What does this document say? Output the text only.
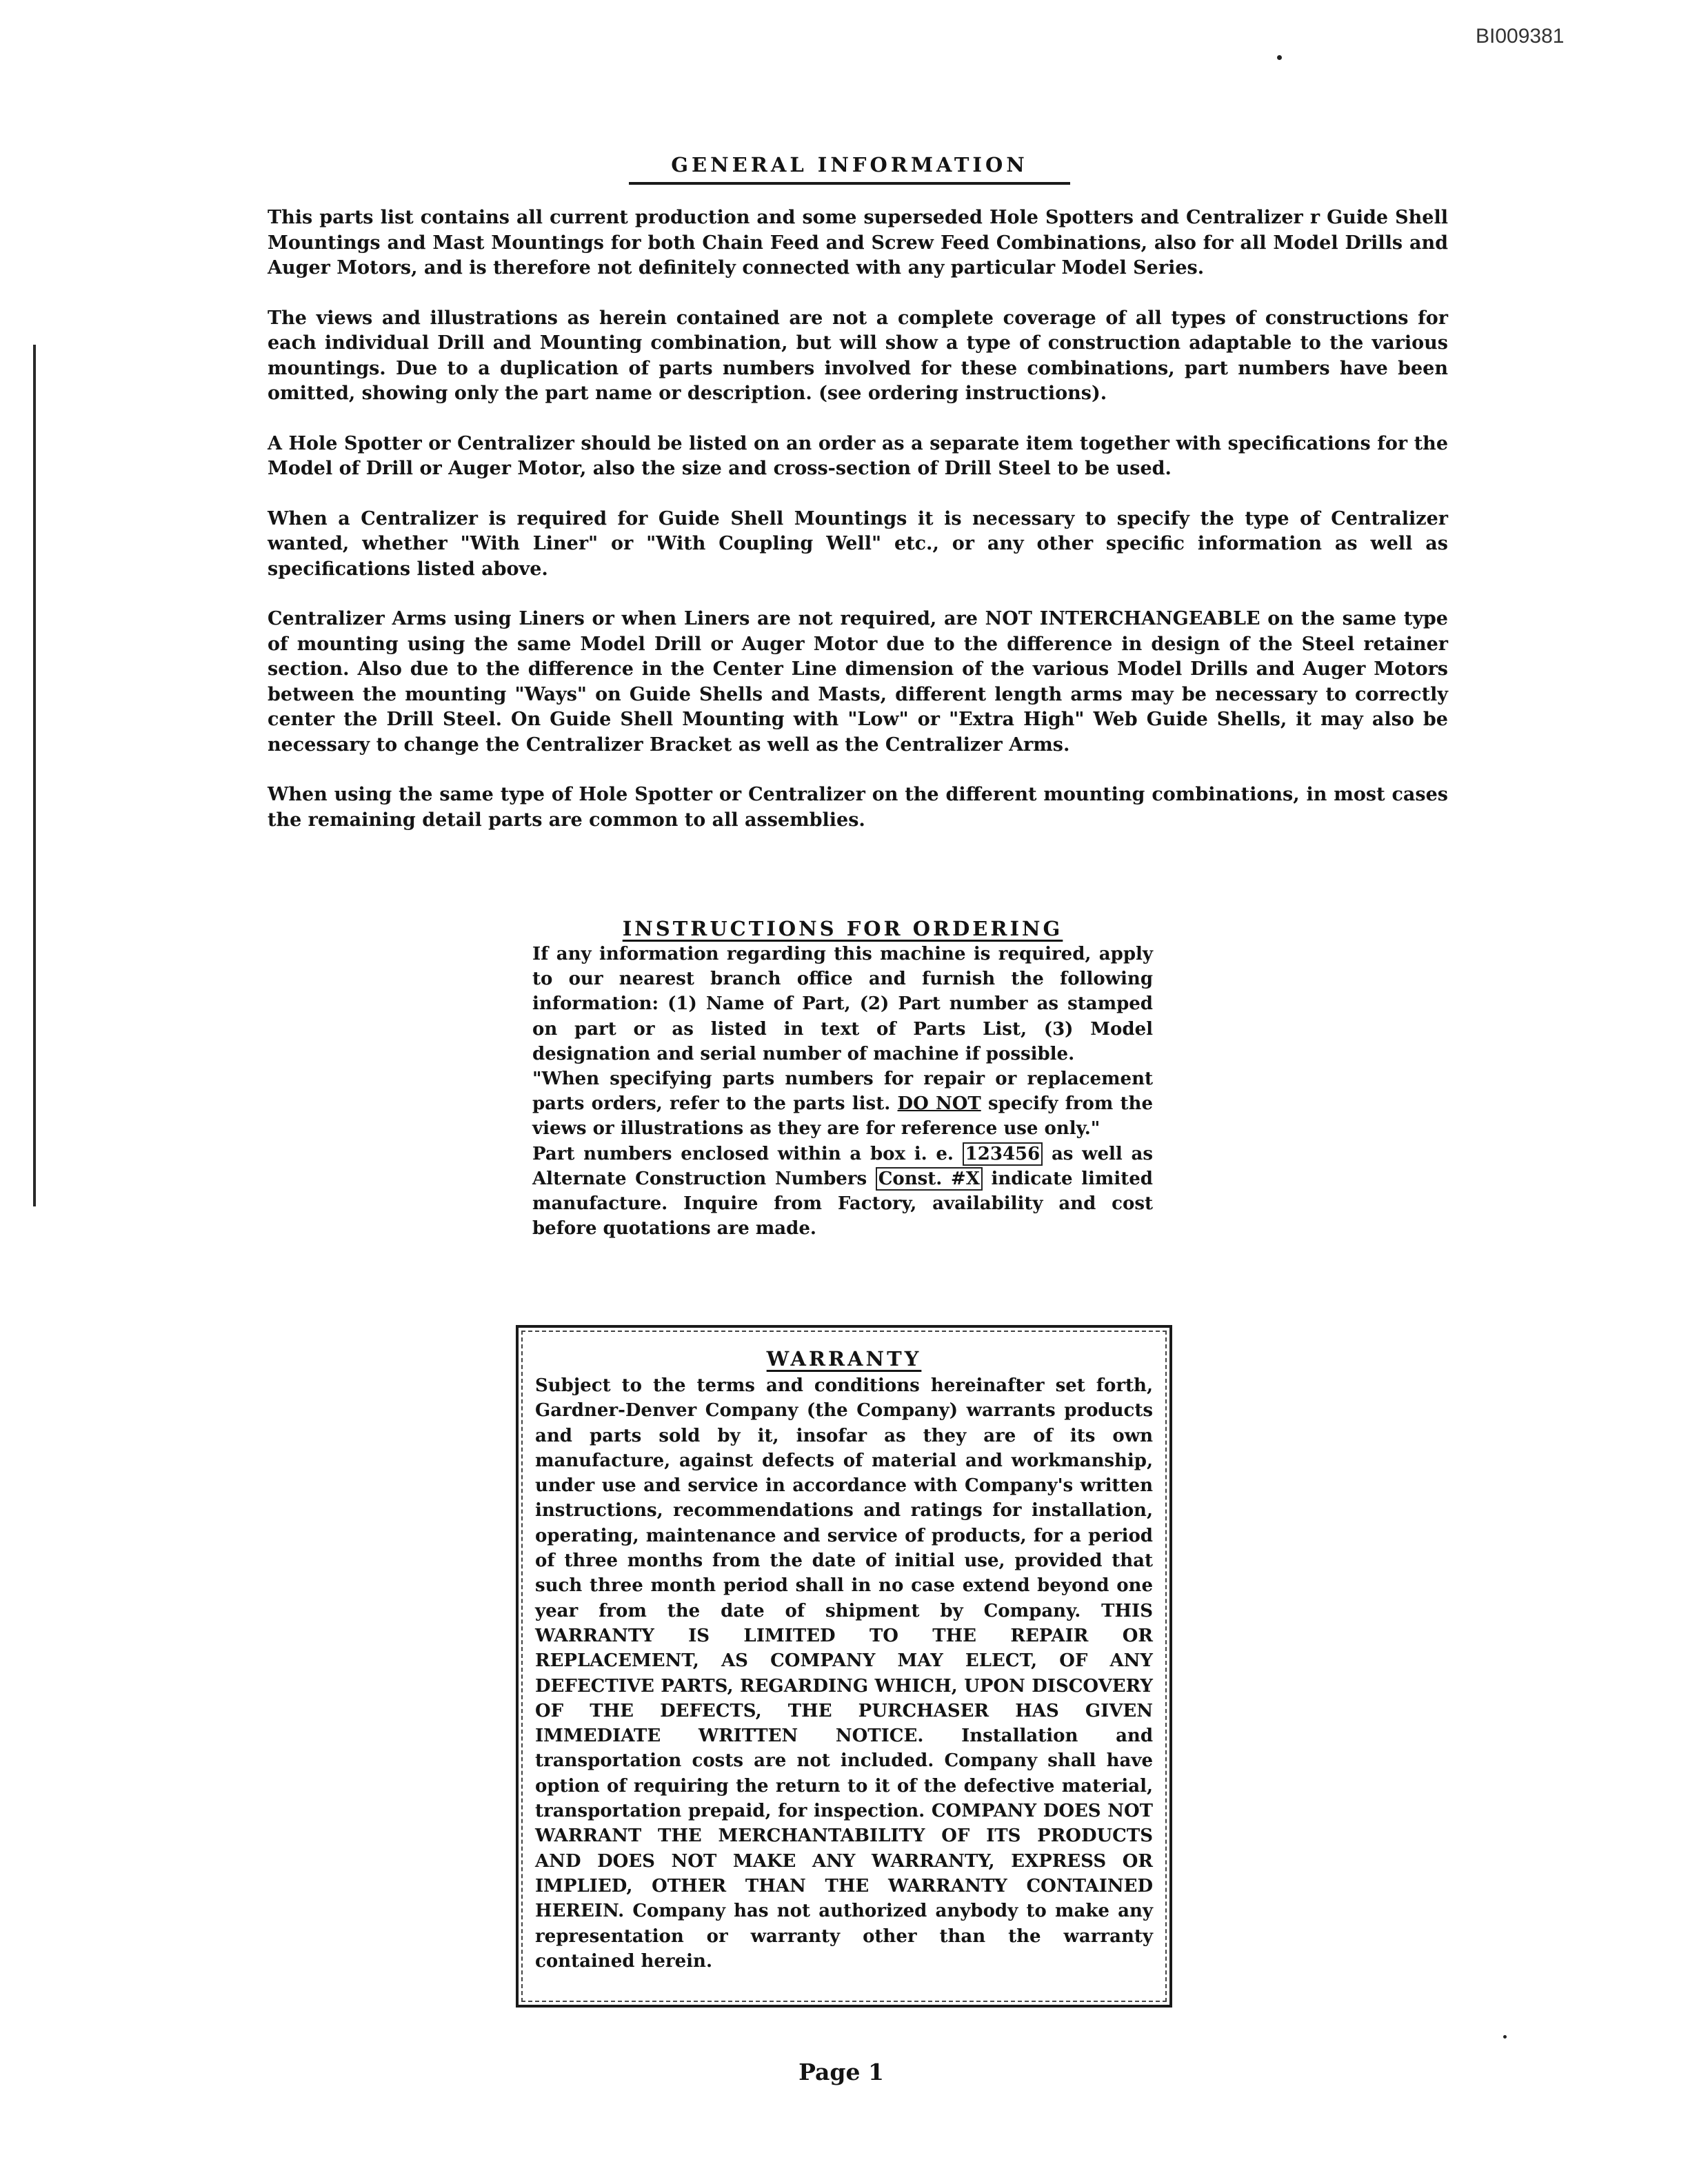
BI009381
GENERAL INFORMATION

This parts list contains all current production and some superseded Hole Spotters and Centralizer r Guide Shell Mountings and Mast Mountings for both Chain Feed and Screw Feed Combinations, also for all Model Drills and Auger Motors, and is therefore not definitely connected with any particular Model Series.

The views and illustrations as herein contained are not a complete coverage of all types of constructions for each individual Drill and Mounting combination, but will show a type of construction adaptable to the various mountings. Due to a duplication of parts numbers involved for these combinations, part numbers have been omitted, showing only the part name or description. (see ordering instructions).

A Hole Spotter or Centralizer should be listed on an order as a separate item together with specifications for the Model of Drill or Auger Motor, also the size and cross-section of Drill Steel to be used.

When a Centralizer is required for Guide Shell Mountings it is necessary to specify the type of Centralizer wanted, whether "With Liner" or "With Coupling Well" etc., or any other specific information as well as specifications listed above.

Centralizer Arms using Liners or when Liners are not required, are NOT INTERCHANGEABLE on the same type of mounting using the same Model Drill or Auger Motor due to the difference in design of the Steel retainer section. Also due to the difference in the Center Line dimension of the various Model Drills and Auger Motors between the mounting "Ways" on Guide Shells and Masts, different length arms may be necessary to correctly center the Drill Steel. On Guide Shell Mounting with "Low" or "Extra High" Web Guide Shells, it may also be necessary to change the Centralizer Bracket as well as the Centralizer Arms.

When using the same type of Hole Spotter or Centralizer on the different mounting combinations, in most cases the remaining detail parts are common to all assemblies.

INSTRUCTIONS FOR ORDERING

If any information regarding this machine is required, apply to our nearest branch office and furnish the following information: (1) Name of Part, (2) Part number as stamped on part or as listed in text of Parts List, (3) Model designation and serial number of machine if possible.

"When specifying parts numbers for repair or replacement parts orders, refer to the parts list. DO NOT specify from the views or illustrations as they are for reference use only."

Part numbers enclosed within a box i. e. 123456 as well as Alternate Construction Numbers Const. #X indicate limited manufacture. Inquire from Factory, availability and cost before quotations are made.

WARRANTY

Subject to the terms and conditions hereinafter set forth, Gardner-Denver Company (the Company) warrants products and parts sold by it, insofar as they are of its own manufacture, against defects of material and workmanship, under use and service in accordance with Company's written instructions, recommendations and ratings for installation, operating, maintenance and service of products, for a period of three months from the date of initial use, provided that such three month period shall in no case extend beyond one year from the date of shipment by Company. THIS WARRANTY IS LIMITED TO THE REPAIR OR REPLACEMENT, AS COMPANY MAY ELECT, OF ANY DEFECTIVE PARTS, REGARDING WHICH, UPON DISCOVERY OF THE DEFECTS, THE PURCHASER HAS GIVEN IMMEDIATE WRITTEN NOTICE. Installation and transportation costs are not included. Company shall have option of requiring the return to it of the defective material, transportation prepaid, for inspection. COMPANY DOES NOT WARRANT THE MERCHANTABILITY OF ITS PRODUCTS AND DOES NOT MAKE ANY WARRANTY, EXPRESS OR IMPLIED, OTHER THAN THE WARRANTY CONTAINED HEREIN. Company has not authorized anybody to make any representation or warranty other than the warranty contained herein.

Page 1
